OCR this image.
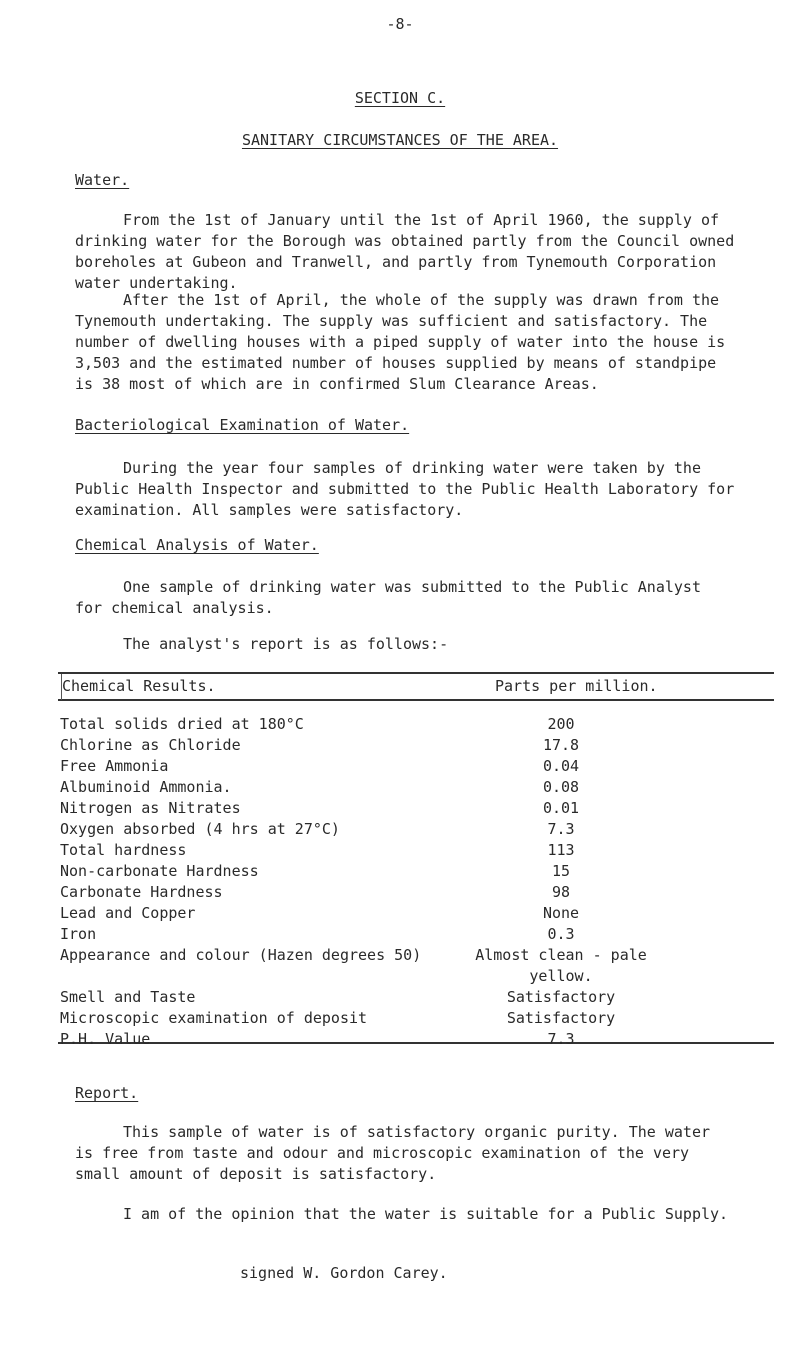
-8-
SECTION C.
SANITARY CIRCUMSTANCES OF THE AREA.
Water.
From the 1st of January until the 1st of April 1960, the supply of drinking water for the Borough was obtained partly from the Council owned boreholes at Gubeon and Tranwell, and partly from Tynemouth Corporation water undertaking.
After the 1st of April, the whole of the supply was drawn from the Tynemouth undertaking. The supply was sufficient and satisfactory. The number of dwelling houses with a piped supply of water into the house is 3,503 and the estimated number of houses supplied by means of standpipe is 38 most of which are in confirmed Slum Clearance Areas.
Bacteriological Examination of Water.
During the year four samples of drinking water were taken by the Public Health Inspector and submitted to the Public Health Laboratory for examination. All samples were satisfactory.
Chemical Analysis of Water.
One sample of drinking water was submitted to the Public Analyst for chemical analysis.
The analyst's report is as follows:-
Chemical Results.	Parts per million.
Total solids dried at 180°C	200
Chlorine as Chloride	17.8
Free Ammonia	0.04
Albuminoid Ammonia.	0.08
Nitrogen as Nitrates	0.01
Oxygen absorbed (4 hrs at 27°C)	7.3
Total hardness	113
Non-carbonate Hardness	15
Carbonate Hardness	98
Lead and Copper	None
Iron	0.3
Appearance and colour (Hazen degrees 50)	Almost clean - pale
yellow.
Smell and Taste	Satisfactory
Microscopic examination of deposit	Satisfactory
P.H. Value	7.3
Report.
This sample of water is of satisfactory organic purity. The water is free from taste and odour and microscopic examination of the very small amount of deposit is satisfactory.
I am of the opinion that the water is suitable for a Public Supply.
signed W. Gordon Carey.
